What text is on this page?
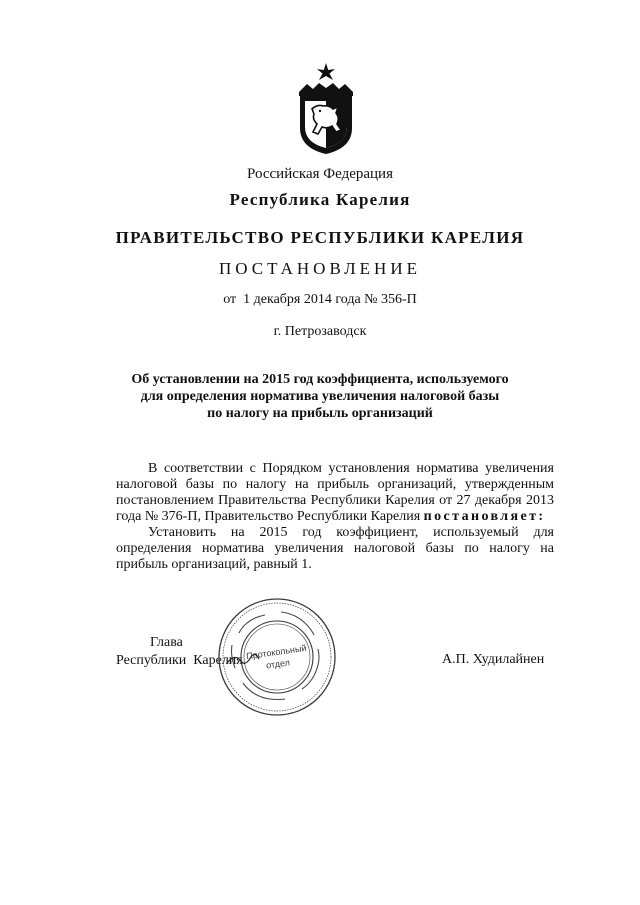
Российская Федерация
Республика Карелия
ПРАВИТЕЛЬСТВО РЕСПУБЛИКИ КАРЕЛИЯ
ПОСТАНОВЛЕНИЕ
от  1 декабря 2014 года № 356-П
г. Петрозаводск
Об установлении на 2015 год коэффициента, используемого
для определения норматива увеличения налоговой базы
по налогу на прибыль организаций

В соответствии с Порядком установления норматива увеличения налоговой базы по налогу на прибыль организаций, утвержденным постановлением Правительства Республики Карелия от 27 декабря 2013 года № 376-П, Правительство Республики Карелия постановляет:

Установить на 2015 год коэффициент, используемый для определения норматива увеличения налоговой базы по налогу на прибыль организаций, равный 1.

Глава
Республики  Карелия	А.П. Худилайнен
Протокольный
отдел
